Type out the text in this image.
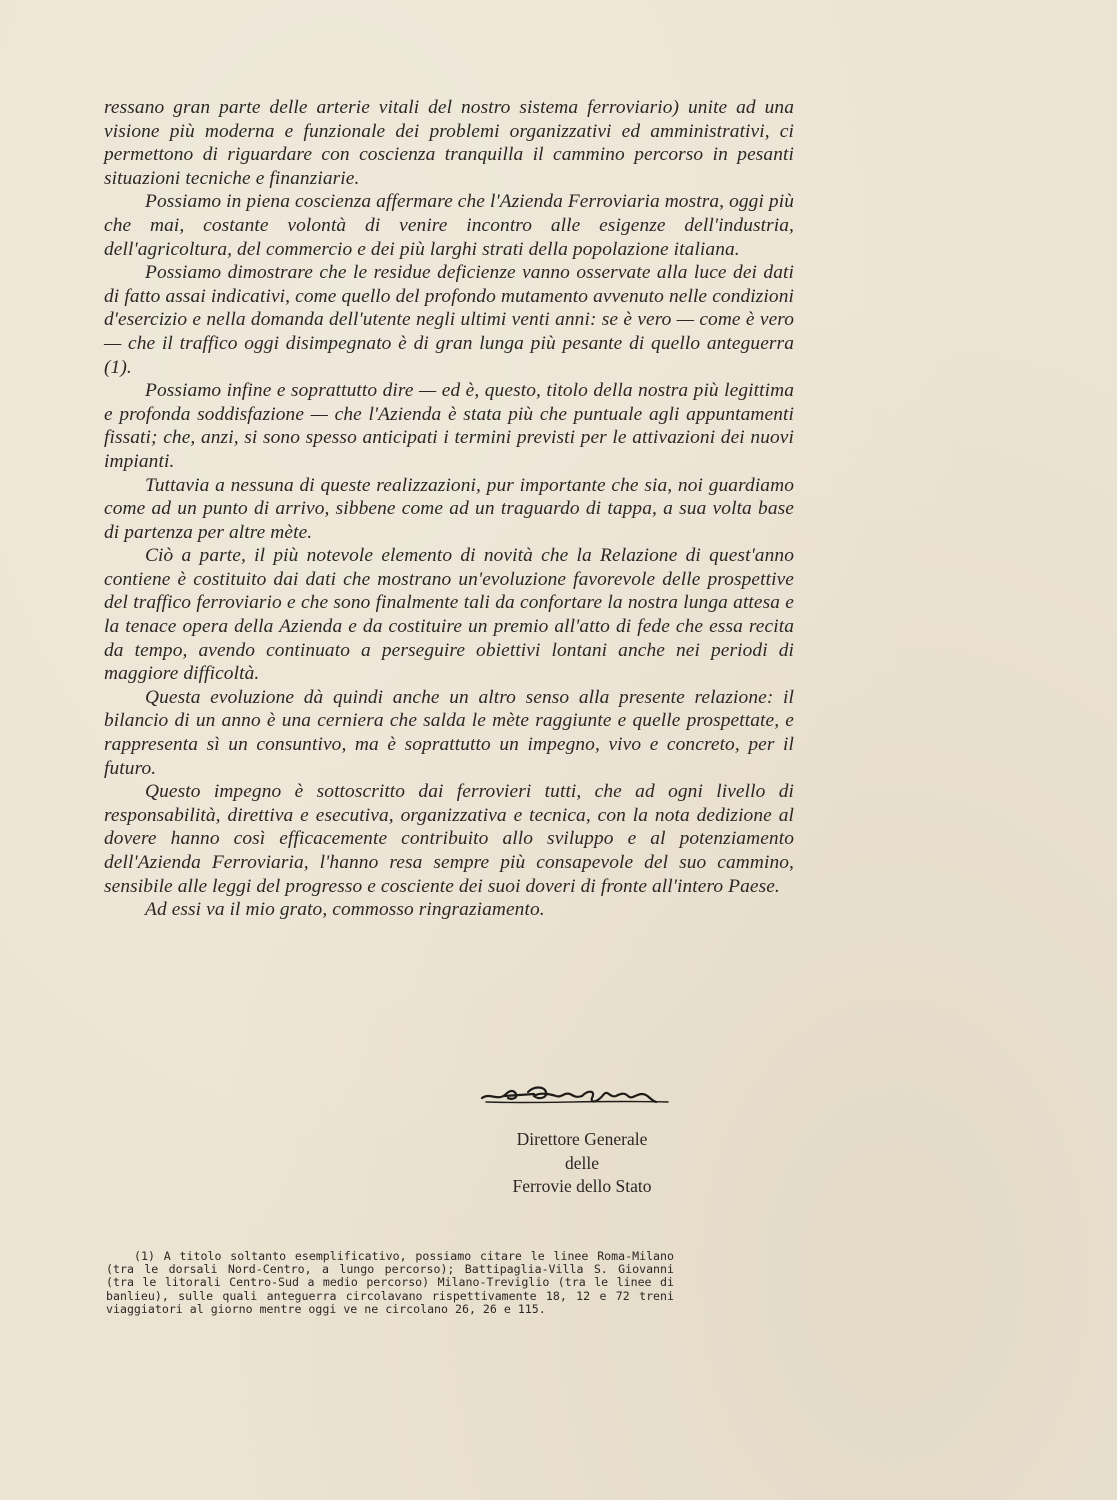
ressano gran parte delle arterie vitali del nostro sistema ferroviario) unite ad una visione più moderna e funzionale dei problemi organizzativi ed amministrativi, ci permettono di riguardare con coscienza tranquilla il cammino percorso in pesanti situazioni tecniche e finanziarie.

Possiamo in piena coscienza affermare che l'Azienda Ferroviaria mostra, oggi più che mai, costante volontà di venire incontro alle esigenze dell'industria, dell'agricoltura, del commercio e dei più larghi strati della popolazione italiana.

Possiamo dimostrare che le residue deficienze vanno osservate alla luce dei dati di fatto assai indicativi, come quello del profondo mutamento avvenuto nelle condizioni d'esercizio e nella domanda dell'utente negli ultimi venti anni: se è vero — come è vero — che il traffico oggi disimpegnato è di gran lunga più pesante di quello anteguerra (1).

Possiamo infine e soprattutto dire — ed è, questo, titolo della nostra più legittima e profonda soddisfazione — che l'Azienda è stata più che puntuale agli appuntamenti fissati; che, anzi, si sono spesso anticipati i termini previsti per le attivazioni dei nuovi impianti.

Tuttavia a nessuna di queste realizzazioni, pur importante che sia, noi guardiamo come ad un punto di arrivo, sibbene come ad un traguardo di tappa, a sua volta base di partenza per altre mète.

Ciò a parte, il più notevole elemento di novità che la Relazione di quest'anno contiene è costituito dai dati che mostrano un'evoluzione favorevole delle prospettive del traffico ferroviario e che sono finalmente tali da confortare la nostra lunga attesa e la tenace opera della Azienda e da costituire un premio all'atto di fede che essa recita da tempo, avendo continuato a perseguire obiettivi lontani anche nei periodi di maggiore difficoltà.

Questa evoluzione dà quindi anche un altro senso alla presente relazione: il bilancio di un anno è una cerniera che salda le mète raggiunte e quelle prospettate, e rappresenta sì un consuntivo, ma è soprattutto un impegno, vivo e concreto, per il futuro.

Questo impegno è sottoscritto dai ferrovieri tutti, che ad ogni livello di responsabilità, direttiva e esecutiva, organizzativa e tecnica, con la nota dedizione al dovere hanno così efficacemente contribuito allo sviluppo e al potenziamento dell'Azienda Ferroviaria, l'hanno resa sempre più consapevole del suo cammino, sensibile alle leggi del progresso e cosciente dei suoi doveri di fronte all'intero Paese.

Ad essi va il mio grato, commosso ringraziamento.

Direttore Generale
delle
Ferrovie dello Stato

(1) A titolo soltanto esemplificativo, possiamo citare le linee Roma-Milano (tra le dorsali Nord-Centro, a lungo percorso); Battipaglia-Villa S. Giovanni (tra le litorali Centro-Sud a medio percorso) Milano-Treviglio (tra le linee di banlieu), sulle quali anteguerra circolavano rispettivamente 18, 12 e 72 treni viaggiatori al giorno mentre oggi ve ne circolano 26, 26 e 115.
